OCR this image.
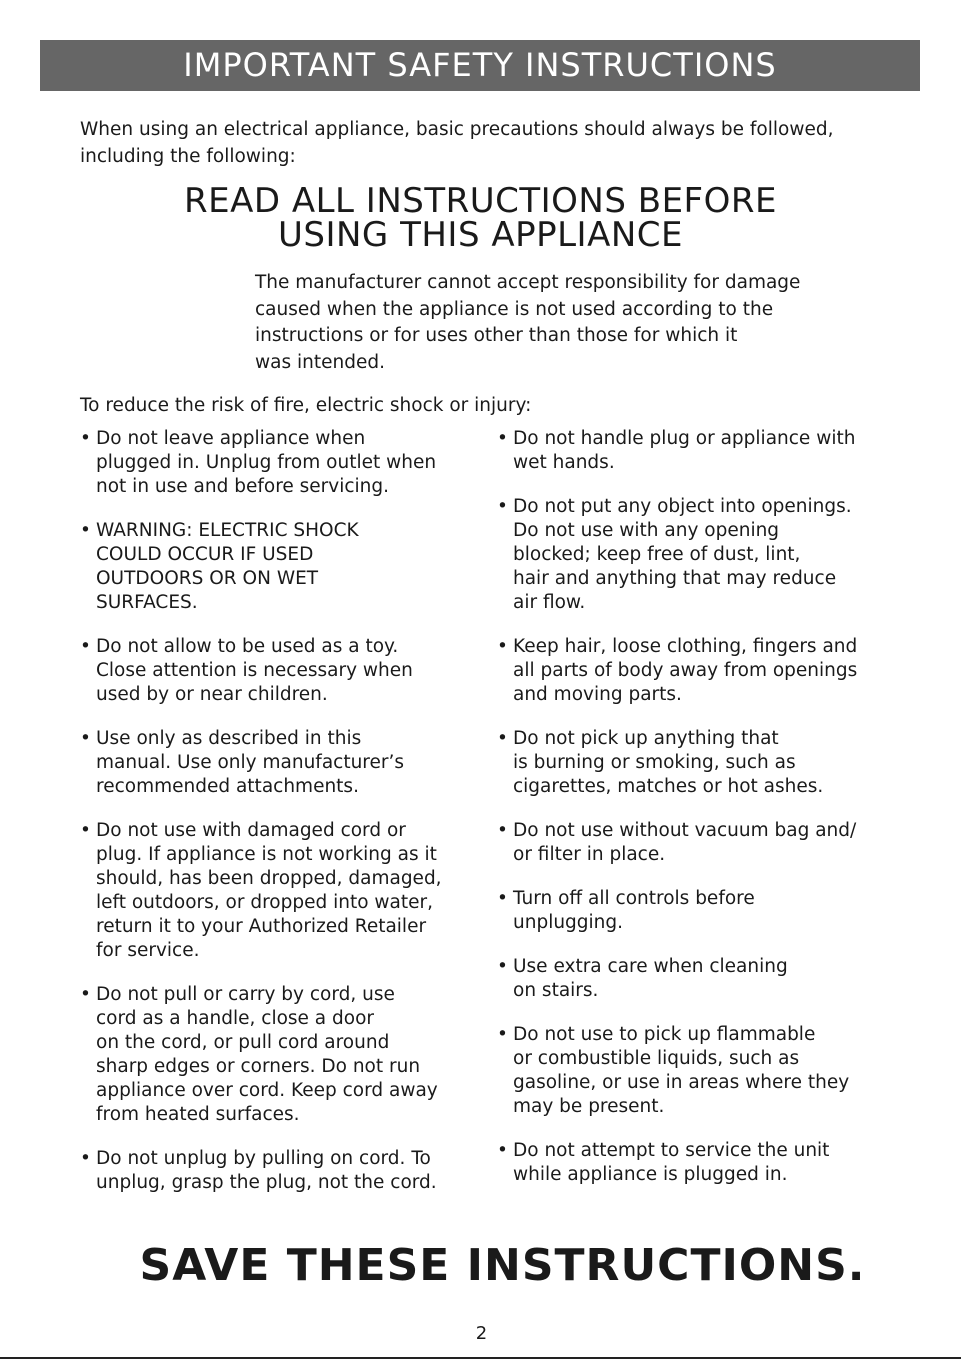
IMPORTANT SAFETY INSTRUCTIONS
When using an electrical appliance, basic precautions should always be followed, including the following:
READ ALL INSTRUCTIONS BEFORE
USING THIS APPLIANCE
The manufacturer cannot accept responsibility for damage
caused when the appliance is not used according to the
instructions or for uses other than those for which it
was intended.
To reduce the risk of fire, electric shock or injury:
• Do not leave appliance when
plugged in. Unplug from outlet when
not in use and before servicing.
• WARNING: ELECTRIC SHOCK
COULD OCCUR IF USED
OUTDOORS OR ON WET
SURFACES.
• Do not allow to be used as a toy.
Close attention is necessary when
used by or near children.
• Use only as described in this
manual. Use only manufacturer’s
recommended attachments.
• Do not use with damaged cord or
plug. If appliance is not working as it
should, has been dropped, damaged,
left outdoors, or dropped into water,
return it to your Authorized Retailer
for service.
• Do not pull or carry by cord, use
cord as a handle, close a door
on the cord, or pull cord around
sharp edges or corners. Do not run
appliance over cord. Keep cord away
from heated surfaces.
• Do not unplug by pulling on cord. To
unplug, grasp the plug, not the cord.
• Do not handle plug or appliance with
wet hands.
• Do not put any object into openings.
Do not use with any opening
blocked; keep free of dust, lint,
hair and anything that may reduce
air flow.
• Keep hair, loose clothing, fingers and
all parts of body away from openings
and moving parts.
• Do not pick up anything that
is burning or smoking, such as
cigarettes, matches or hot ashes.
• Do not use without vacuum bag and/
or filter in place.
• Turn off all controls before
unplugging.
• Use extra care when cleaning
on stairs.
• Do not use to pick up flammable
or combustible liquids, such as
gasoline, or use in areas where they
may be present.
• Do not attempt to service the unit
while appliance is plugged in.
SAVE THESE INSTRUCTIONS.
2
